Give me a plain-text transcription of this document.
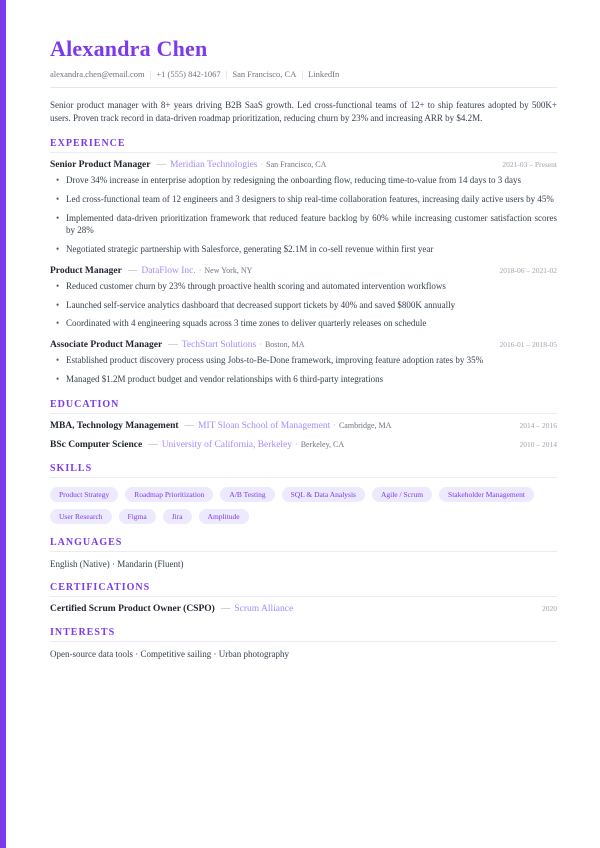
Alexandra Chen
alexandra.chen@email.com | +1 (555) 842-1067 | San Francisco, CA | LinkedIn
Senior product manager with 8+ years driving B2B SaaS growth. Led cross-functional teams of 12+ to ship features adopted by 500K+ users. Proven track record in data-driven roadmap prioritization, reducing churn by 23% and increasing ARR by $4.2M.
EXPERIENCE
Senior Product Manager — Meridian Technologies · San Francisco, CA	2021-03 – Present
• Drove 34% increase in enterprise adoption by redesigning the onboarding flow, reducing time-to-value from 14 days to 3 days
• Led cross-functional team of 12 engineers and 3 designers to ship real-time collaboration features, increasing daily active users by 45%
• Implemented data-driven prioritization framework that reduced feature backlog by 60% while increasing customer satisfaction scores by 28%
• Negotiated strategic partnership with Salesforce, generating $2.1M in co-sell revenue within first year
Product Manager — DataFlow Inc. · New York, NY	2018-06 – 2021-02
• Reduced customer churn by 23% through proactive health scoring and automated intervention workflows
• Launched self-service analytics dashboard that decreased support tickets by 40% and saved $800K annually
• Coordinated with 4 engineering squads across 3 time zones to deliver quarterly releases on schedule
Associate Product Manager — TechStart Solutions · Boston, MA	2016-01 – 2018-05
• Established product discovery process using Jobs-to-Be-Done framework, improving feature adoption rates by 35%
• Managed $1.2M product budget and vendor relationships with 6 third-party integrations
EDUCATION
MBA, Technology Management — MIT Sloan School of Management · Cambridge, MA	2014 – 2016
BSc Computer Science — University of California, Berkeley · Berkeley, CA	2010 – 2014
SKILLS
Product Strategy	Roadmap Prioritization	A/B Testing	SQL & Data Analysis	Agile / Scrum	Stakeholder Management
User Research	Figma	Jira	Amplitude
LANGUAGES
English (Native) · Mandarin (Fluent)
CERTIFICATIONS
Certified Scrum Product Owner (CSPO) — Scrum Alliance	2020
INTERESTS
Open-source data tools · Competitive sailing · Urban photography
